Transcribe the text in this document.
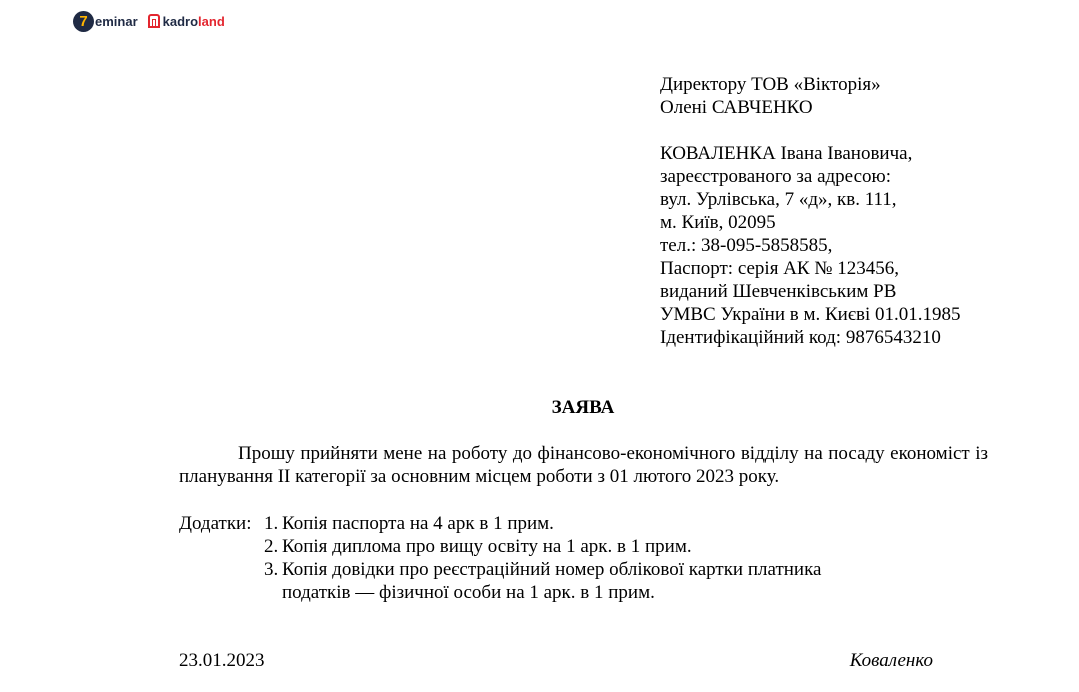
7 eminar kadroland
Директору ТОВ «Вікторія»
Олені САВЧЕНКО
КОВАЛЕНКА Івана Івановича,
зареєстрованого за адресою:
вул. Урлівська, 7 «д», кв. 111,
м. Київ, 02095
тел.: 38-095-5858585,
Паспорт: серія АК № 123456,
виданий Шевченківським РВ
УМВС України в м. Києві 01.01.1985
Ідентифікаційний код: 9876543210
ЗАЯВА
Прошу прийняти мене на роботу до фінансово-економічного відділу на посаду економіст із планування ІІ категорії за основним місцем роботи з 01 лютого 2023 року.
Додатки: 1. Копія паспорта на 4 арк в 1 прим.
2. Копія диплома про вищу освіту на 1 арк. в 1 прим.
3. Копія довідки про реєстраційний номер облікової картки платника
податків — фізичної особи на 1 арк. в 1 прим.
23.01.2023	Коваленко
